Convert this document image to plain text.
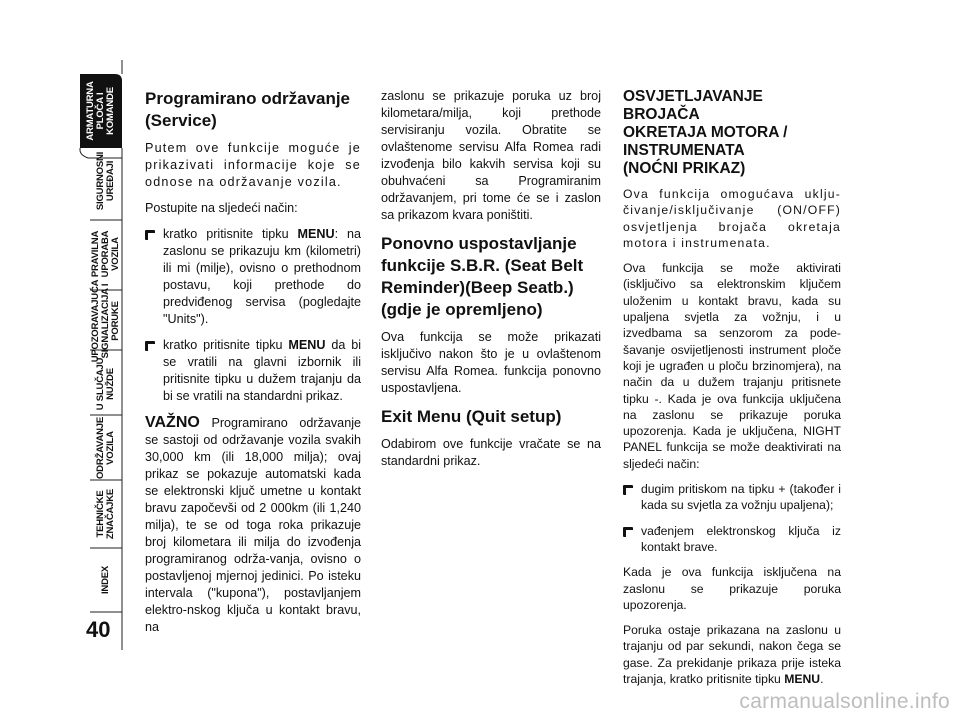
ARMATURNA
PLOČA I
KOMANDE
SIGURNOSNI
UREĐAJI
PRAVILNA
UPORABA
VOZILA
UPOZORAVAJUĆA
SIGNALIZACIJA I
PORUKE
U SLUČAJU
NUŽDE
ODRŽAVANJE
VOZILA
TEHNIČKE
ZNAČAJKE
INDEX
40
Programirano održavanje
(Service)

Putem ove funkcije moguće je prikazivati informacije koje se odnose na održavanje vozila.

Postupite na sljedeći način:

kratko pritisnite tipku MENU: na zaslonu se prikazuju km (kilometri) ili mi (milje), ovisno o prethodnom postavu, koji prethode do predviđenog servisa (pogledajte "Units").
kratko pritisnite tipku MENU da bi se vratili na glavni izbornik ili pritisnite tipku u dužem trajanju da bi se vratili na standardni prikaz.

VAŽNO Programirano održavanje se sastoji od održavanje vozila svakih 30,000 km (ili 18,000 milja); ovaj prikaz se pokazuje automatski kada se elektronski ključ umetne u kontakt bravu započevši od 2 000km (ili 1,240 milja), te se od toga roka prikazuje broj kilometara ili milja do izvođenja programiranog održa-vanja, ovisno o postavljenoj mjernoj jedinici. Po isteku intervala ("kupona"), postavljanjem elektro-nskog ključa u kontakt bravu, na

zaslonu se prikazuje poruka uz broj kilometara/milja, koji prethode servisiranju vozila. Obratite se ovlaštenome servisu Alfa Romea radi izvođenja bilo kakvih servisa koji su obuhvaćeni sa Programiranim održavanjem, pri tome će se i zaslon sa prikazom kvara poništiti.

Ponovno uspostavljanje
funkcije S.B.R. (Seat Belt
Reminder)(Beep Seatb.)
(gdje je opremljeno)

Ova funkcija se može prikazati isključivo nakon što je u ovlaštenom servisu Alfa Romea. funkcija ponovno uspostavljena.

Exit Menu (Quit setup)

Odabirom ove funkcije vračate se na standardni prikaz.

OSVJETLJAVANJE BROJAČA
OKRETAJA MOTORA /
INSTRUMENATA
(NOĆNI PRIKAZ)

Ova funkcija omogućava uklju-čivanje/isključivanje (ON/OFF) osvjetljenja brojača okretaja motora i instrumenata.

Ova funkcija se može aktivirati (isključivo sa elektronskim ključem uloženim u kontakt bravu, kada su upaljena svjetla za vožnju, i u izvedbama sa senzorom za pode-šavanje osvijetljenosti instrument ploče koji je ugrađen u ploču brzinomjera), na način da u dužem trajanju pritisnete tipku -. Kada je ova funkcija uključena na zaslonu se prikazuje poruka upozorenja. Kada je uključena, NIGHT PANEL funkcija se može deaktivirati na sljedeći način:

dugim pritiskom na tipku + (također i kada su svjetla za vožnju upaljena);
vađenjem elektronskog ključa iz kontakt brave.

Kada je ova funkcija isključena na zaslonu se prikazuje poruka upozorenja.

Poruka ostaje prikazana na zaslonu u trajanju od par sekundi, nakon čega se gase. Za prekidanje prikaza prije isteka trajanja, kratko pritisnite tipku MENU.

carmanualsonline.info
